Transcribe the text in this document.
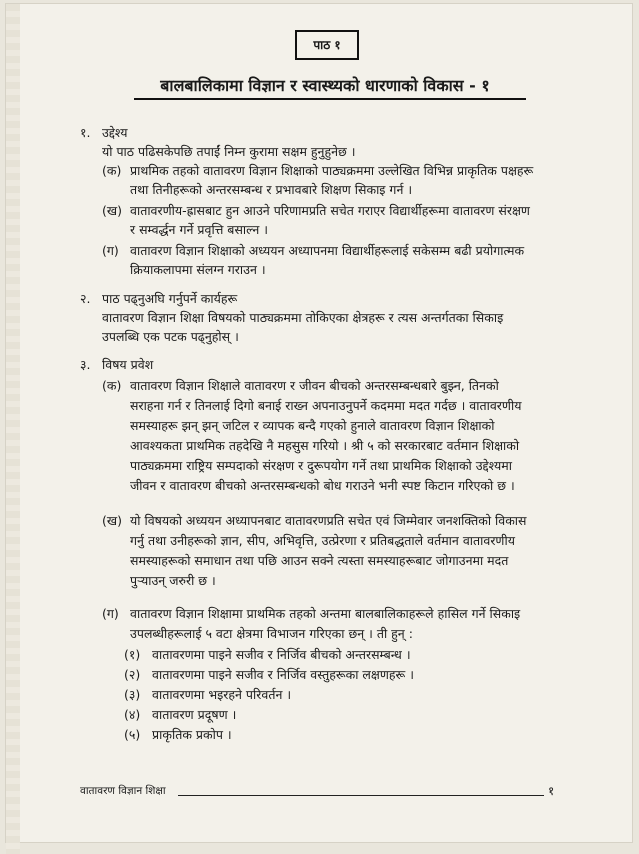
पाठ १
बालबालिकामा विज्ञान र स्वास्थ्यको धारणाको विकास - १
१. उद्देश्य
यो पाठ पढिसकेपछि तपाईं निम्न कुरामा सक्षम हुनुहुनेछ ।
(क) प्राथमिक तहको वातावरण विज्ञान शिक्षाको पाठ्यक्रममा उल्लेखित विभिन्न प्राकृतिक पक्षहरू
तथा तिनीहरूको अन्तरसम्बन्ध र प्रभावबारे शिक्षण सिकाइ गर्न ।
(ख) वातावरणीय-ह्रासबाट हुन आउने परिणामप्रति सचेत गराएर विद्यार्थीहरूमा वातावरण संरक्षण
र सम्वर्द्धन गर्ने प्रवृत्ति बसाल्न ।
(ग) वातावरण विज्ञान शिक्षाको अध्ययन अध्यापनमा विद्यार्थीहरूलाई सकेसम्म बढी प्रयोगात्मक
क्रियाकलापमा संलग्न गराउन ।
२. पाठ पढ्नुअघि गर्नुपर्ने कार्यहरू
वातावरण विज्ञान शिक्षा विषयको पाठ्यक्रममा तोकिएका क्षेत्रहरू र त्यस अन्तर्गतका सिकाइ
उपलब्धि एक पटक पढ्नुहोस् ।
३. विषय प्रवेश
(क) वातावरण विज्ञान शिक्षाले वातावरण र जीवन बीचको अन्तरसम्बन्धबारे बुझ्न, तिनको
सराहना गर्न र तिनलाई दिगो बनाई राख्न अपनाउनुपर्ने कदममा मदत गर्दछ । वातावरणीय
समस्याहरू झन् झन् जटिल र व्यापक बन्दै गएको हुनाले वातावरण विज्ञान शिक्षाको
आवश्यकता प्राथमिक तहदेखि नै महसुस गरियो । श्री ५ को सरकारबाट वर्तमान शिक्षाको
पाठ्यक्रममा राष्ट्रिय सम्पदाको संरक्षण र दुरूपयोग गर्ने तथा प्राथमिक शिक्षाको उद्देश्यमा
जीवन र वातावरण बीचको अन्तरसम्बन्धको बोध गराउने भनी स्पष्ट किटान गरिएको छ ।
(ख) यो विषयको अध्ययन अध्यापनबाट वातावरणप्रति सचेत एवं जिम्मेवार जनशक्तिको विकास
गर्नु तथा उनीहरूको ज्ञान, सीप, अभिवृत्ति, उत्प्रेरणा र प्रतिबद्धताले वर्तमान वातावरणीय
समस्याहरूको समाधान तथा पछि आउन सक्ने त्यस्ता समस्याहरूबाट जोगाउनमा मदत
पुऱ्याउन् जरुरी छ ।
(ग) वातावरण विज्ञान शिक्षामा प्राथमिक तहको अन्तमा बालबालिकाहरूले हासिल गर्ने सिकाइ
उपलब्धीहरूलाई ५ वटा क्षेत्रमा विभाजन गरिएका छन् । ती हुन् :
(१) वातावरणमा पाइने सजीव र निर्जिव बीचको अन्तरसम्बन्ध ।
(२) वातावरणमा पाइने सजीव र निर्जिव वस्तुहरूका लक्षणहरू ।
(३) वातावरणमा भइरहने परिवर्तन ।
(४) वातावरण प्रदूषण ।
(५) प्राकृतिक प्रकोप ।
वातावरण विज्ञान शिक्षा	१
